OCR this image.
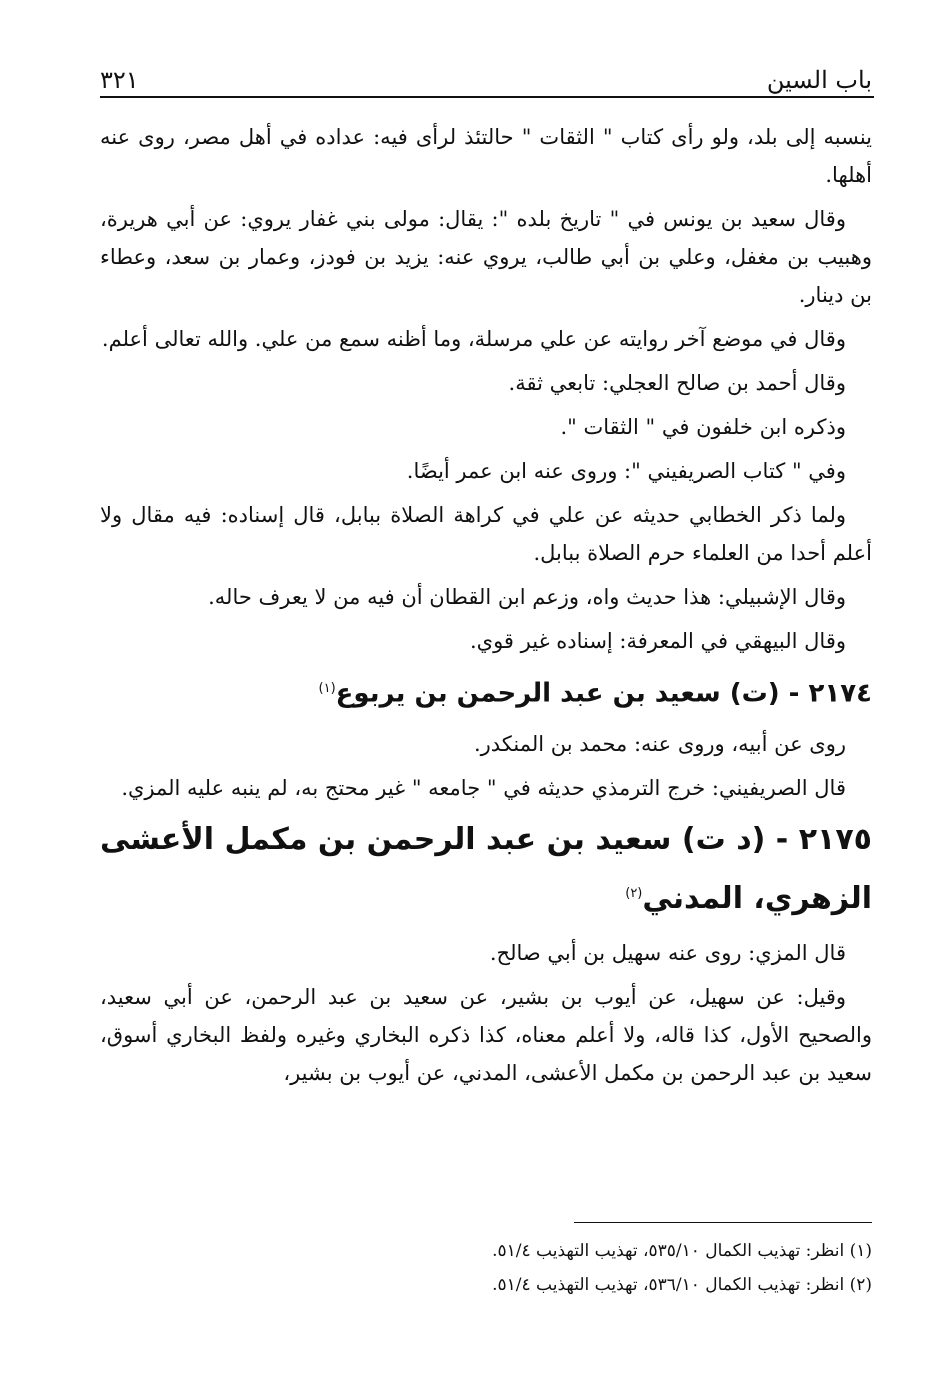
باب السين
٣٢١

ينسبه إلى بلد، ولو رأى كتاب " الثقات " حالتئذ لرأى فيه: عداده في أهل مصر، روى عنه أهلها.

وقال سعيد بن يونس في " تاريخ بلده ": يقال: مولى بني غفار يروي: عن أبي هريرة، وهبيب بن مغفل، وعلي بن أبي طالب، يروي عنه: يزيد بن فودز، وعمار بن سعد، وعطاء بن دينار.

وقال في موضع آخر روايته عن علي مرسلة، وما أظنه سمع من علي. والله تعالى أعلم.

وقال أحمد بن صالح العجلي: تابعي ثقة.

وذكره ابن خلفون في " الثقات ".

وفي " كتاب الصريفيني ": وروى عنه ابن عمر أيضًا.

ولما ذكر الخطابي حديثه عن علي في كراهة الصلاة ببابل، قال إسناده: فيه مقال ولا أعلم أحدا من العلماء حرم الصلاة ببابل.

وقال الإشبيلي: هذا حديث واه، وزعم ابن القطان أن فيه من لا يعرف حاله.

وقال البيهقي في المعرفة: إسناده غير قوي.

٢١٧٤ - (ت) سعيد بن عبد الرحمن بن يربوع$^{(١)}$

روى عن أبيه، وروى عنه: محمد بن المنكدر.

قال الصريفيني: خرج الترمذي حديثه في " جامعه " غير محتج به، لم ينبه عليه المزي.

٢١٧٥ - (د ت) سعيد بن عبد الرحمن بن مكمل الأعشى الزهري، المدني$^{(٢)}$

قال المزي: روى عنه سهيل بن أبي صالح.

وقيل: عن سهيل، عن أيوب بن بشير، عن سعيد بن عبد الرحمن، عن أبي سعيد، والصحيح الأول، كذا قاله، ولا أعلم معناه، كذا ذكره البخاري وغيره ولفظ البخاري أسوق، سعيد بن عبد الرحمن بن مكمل الأعشى، المدني، عن أيوب بن بشير،

(١) انظر: تهذيب الكمال ٥٣٥/١٠، تهذيب التهذيب ٥١/٤.

(٢) انظر: تهذيب الكمال ٥٣٦/١٠، تهذيب التهذيب ٥١/٤.
